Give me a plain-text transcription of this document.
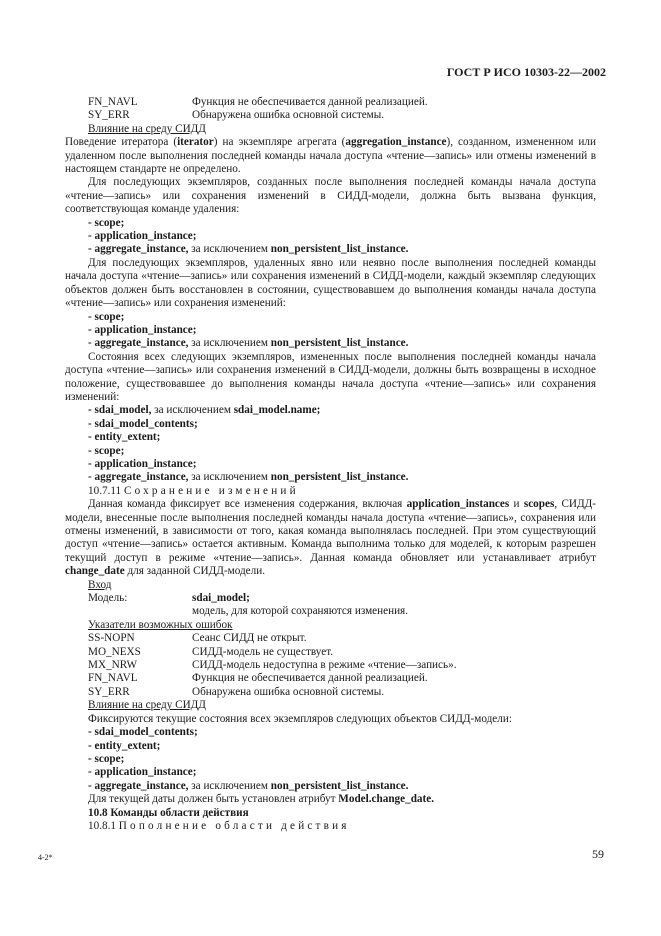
ГОСТ Р ИСО 10303-22—2002
FN_NAVL	Функция не обеспечивается данной реализацией.
SY_ERR	Обнаружена ошибка основной системы.
Влияние на среду СИДД

Поведение итератора (iterator) на экземпляре агрегата (aggregation_instance), созданном, измененном или удаленном после выполнения последней команды начала доступа «чтение—запись» или отмены изменений в настоящем стандарте не определено.

Для последующих экземпляров, созданных после выполнения последней команды начала доступа «чтение—запись» или сохранения изменений в СИДД-модели, должна быть вызвана функция, соответствующая команде удаления:

- scope;
- application_instance;
- aggregate_instance, за исключением non_persistent_list_instance.

Для последующих экземпляров, удаленных явно или неявно после выполнения последней команды начала доступа «чтение—запись» или сохранения изменений в СИДД-модели, каждый экземпляр следующих объектов должен быть восстановлен в состоянии, существовавшем до выполнения команды начала доступа «чтение—запись» или сохранения изменений:

- scope;
- application_instance;
- aggregate_instance, за исключением non_persistent_list_instance.

Состояния всех следующих экземпляров, измененных после выполнения последней команды начала доступа «чтение—запись» или сохранения изменений в СИДД-модели, должны быть возвращены в исходное положение, существовавшее до выполнения команды начала доступа «чтение—запись» или сохранения изменений:

- sdai_model, за исключением sdai_model.name;
- sdai_model_contents;
- entity_extent;
- scope;
- application_instance;
- aggregate_instance, за исключением non_persistent_list_instance.
10.7.11 Сохранение изменений

Данная команда фиксирует все изменения содержания, включая application_instances и scopes, СИДД-модели, внесенные после выполнения последней команды начала доступа «чтение—запись», сохранения или отмены изменений, в зависимости от того, какая команда выполнялась последней. При этом существующий доступ «чтение—запись» остается активным. Команда выполнима только для моделей, к которым разрешен текущий доступ в режиме «чтение—запись». Данная команда обновляет или устанавливает атрибут change_date для заданной СИДД-модели.

Вход
Модель:	sdai_model;
модель, для которой сохраняются изменения.
Указатели возможных ошибок
SS-NOPN	Сеанс СИДД не открыт.
MO_NEXS	СИДД-модель не существует.
MX_NRW	СИДД-модель недоступна в режиме «чтение—запись».
FN_NAVL	Функция не обеспечивается данной реализацией.
SY_ERR	Обнаружена ошибка основной системы.
Влияние на среду СИДД

Фиксируются текущие состояния всех экземпляров следующих объектов СИДД-модели:

- sdai_model_contents;
- entity_extent;
- scope;
- application_instance;
- aggregate_instance, за исключением non_persistent_list_instance.

Для текущей даты должен быть установлен атрибут Model.change_date.

10.8 Команды области действия
10.8.1 Пополнение области действия
4-2*	59
